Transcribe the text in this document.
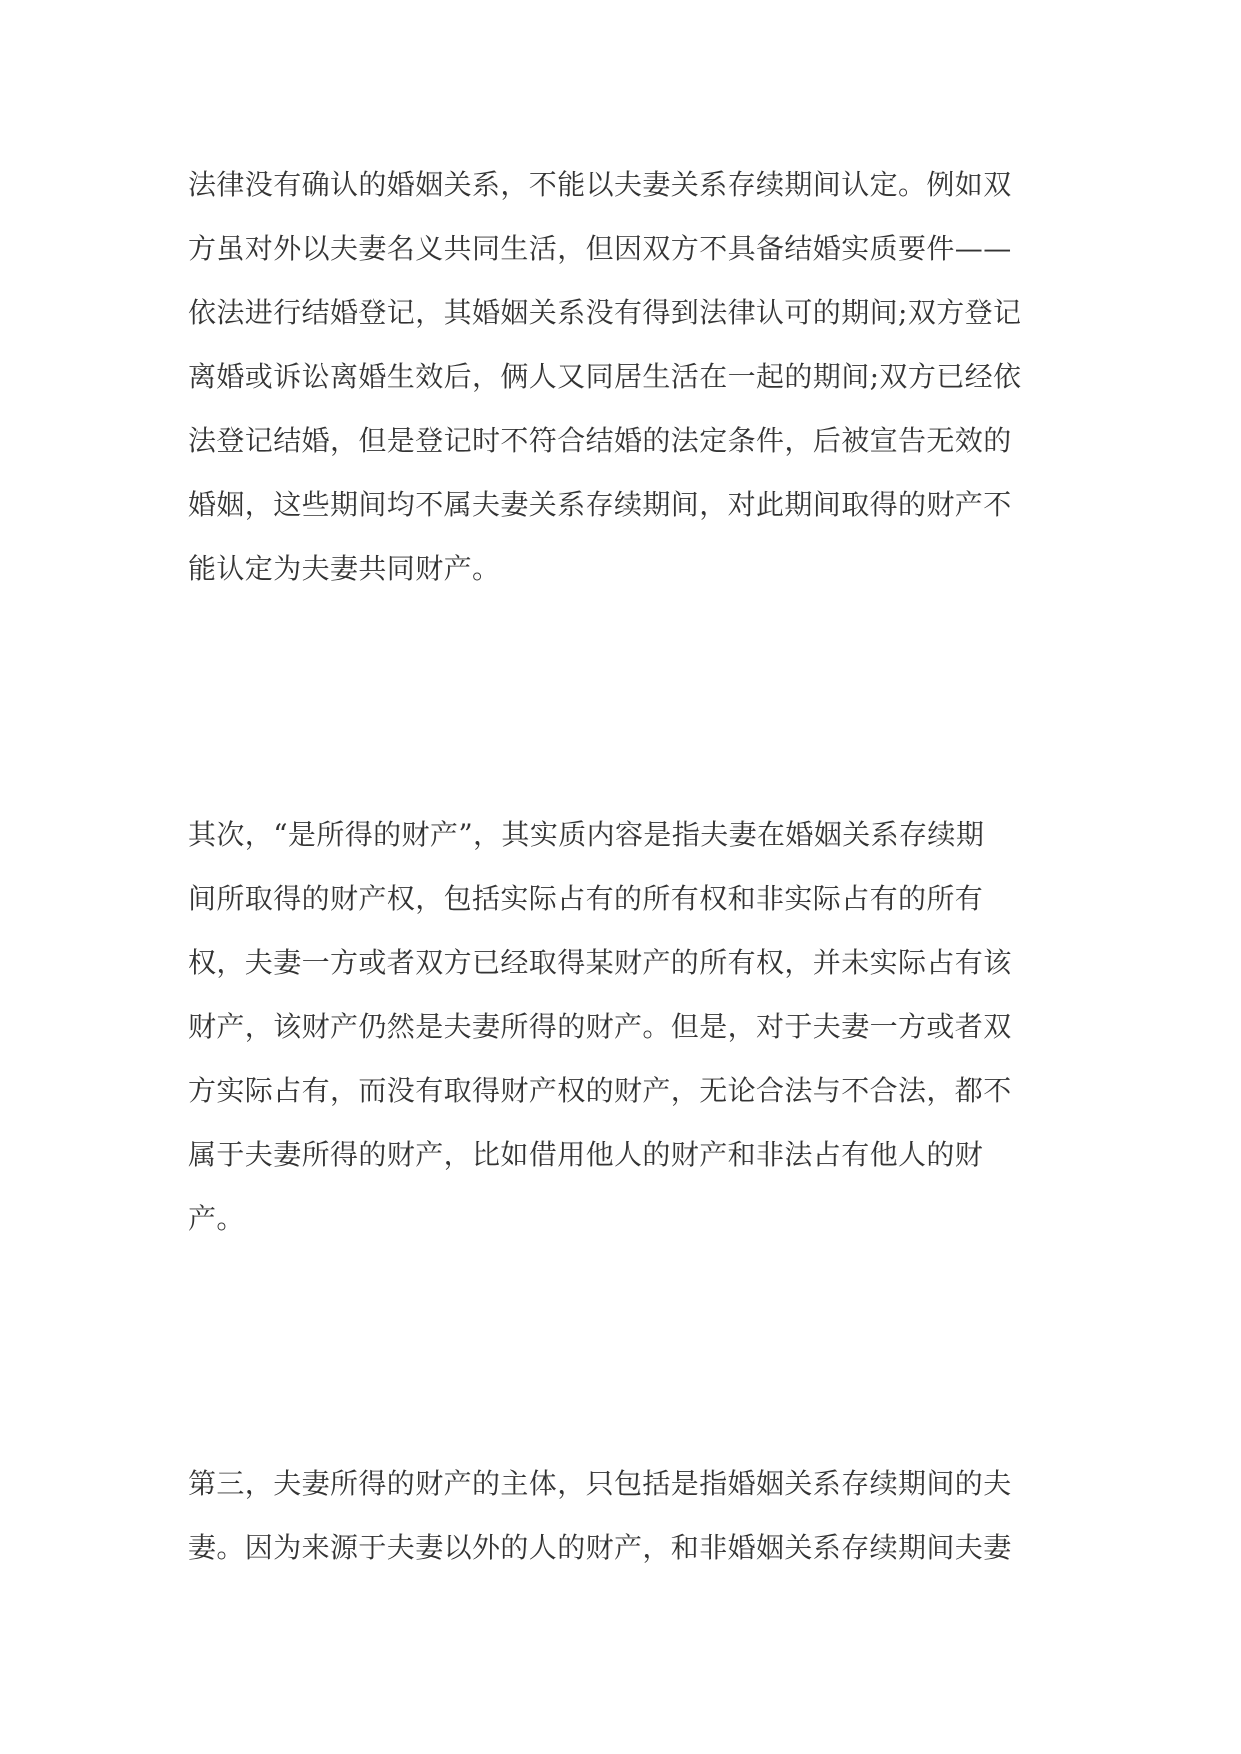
法律没有确认的婚姻关系，不能以夫妻关系存续期间认定。例如双
方虽对外以夫妻名义共同生活，但因双方不具备结婚实质要件——
依法进行结婚登记，其婚姻关系没有得到法律认可的期间;双方登记
离婚或诉讼离婚生效后，俩人又同居生活在一起的期间;双方已经依
法登记结婚，但是登记时不符合结婚的法定条件，后被宣告无效的
婚姻，这些期间均不属夫妻关系存续期间，对此期间取得的财产不
能认定为夫妻共同财产。
其次，“是所得的财产”，其实质内容是指夫妻在婚姻关系存续期
间所取得的财产权，包括实际占有的所有权和非实际占有的所有
权，夫妻一方或者双方已经取得某财产的所有权，并未实际占有该
财产，该财产仍然是夫妻所得的财产。但是，对于夫妻一方或者双
方实际占有，而没有取得财产权的财产，无论合法与不合法，都不
属于夫妻所得的财产，比如借用他人的财产和非法占有他人的财
产。
第三，夫妻所得的财产的主体，只包括是指婚姻关系存续期间的夫
妻。因为来源于夫妻以外的人的财产，和非婚姻关系存续期间夫妻
